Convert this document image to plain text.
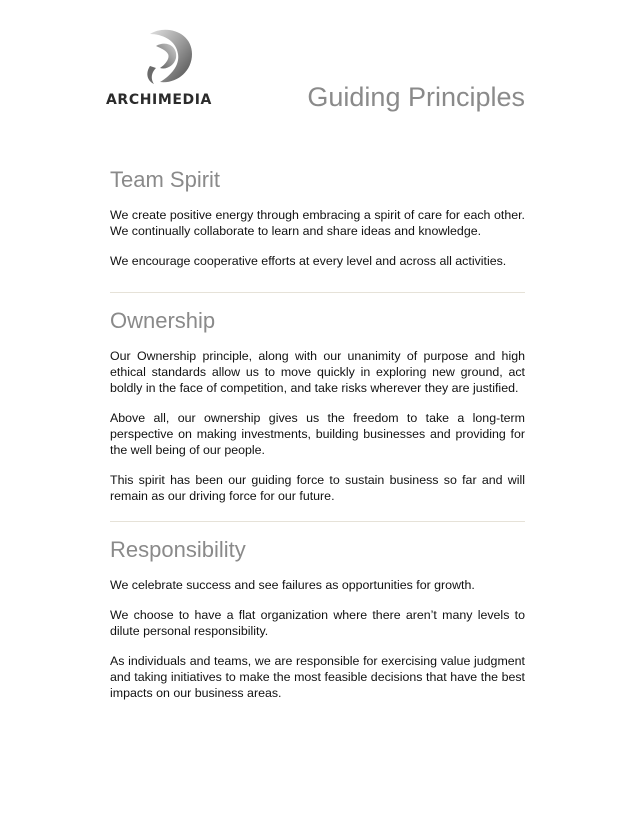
ARCHIMEDIA	Guiding Principles
Team Spirit

We create positive energy through embracing a spirit of care for each other. We continually collaborate to learn and share ideas and knowledge.

We encourage cooperative efforts at every level and across all activities.

Ownership

Our Ownership principle, along with our unanimity of purpose and high ethical standards allow us to move quickly in exploring new ground, act boldly in the face of competition, and take risks wherever they are justified.

Above all, our ownership gives us the freedom to take a long-term perspective on making investments, building businesses and providing for the well being of our people.

This spirit has been our guiding force to sustain business so far and will remain as our driving force for our future.

Responsibility

We celebrate success and see failures as opportunities for growth.

We choose to have a flat organization where there aren’t many levels to dilute personal responsibility.

As individuals and teams, we are responsible for exercising value judgment and taking initiatives to make the most feasible decisions that have the best impacts on our business areas.
